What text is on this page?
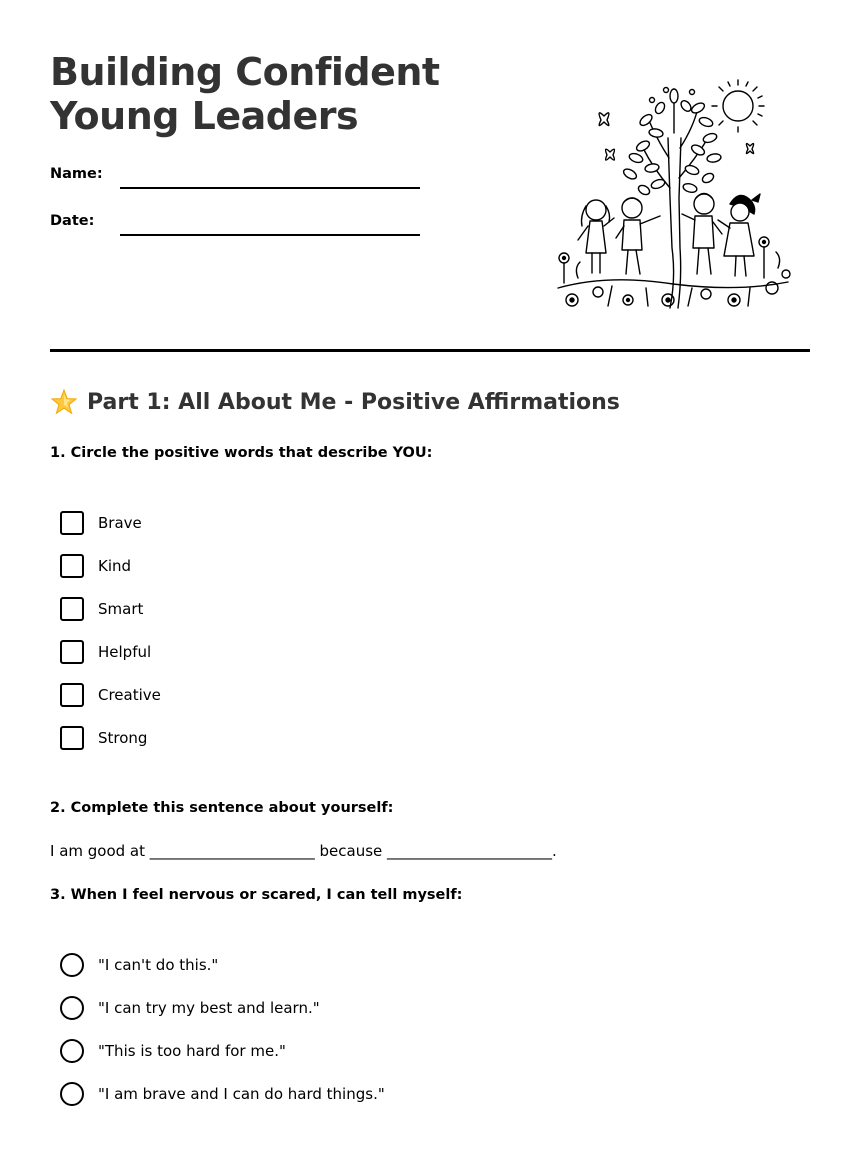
Building Confident
Young Leaders
Name:
Date:
Part 1: All About Me - Positive Affirmations
1. Circle the positive words that describe YOU:
Brave
Kind
Smart
Helpful
Creative
Strong
2. Complete this sentence about yourself:
I am good at ______________________ because ______________________.
3. When I feel nervous or scared, I can tell myself:
"I can't do this."
"I can try my best and learn."
"This is too hard for me."
"I am brave and I can do hard things."
